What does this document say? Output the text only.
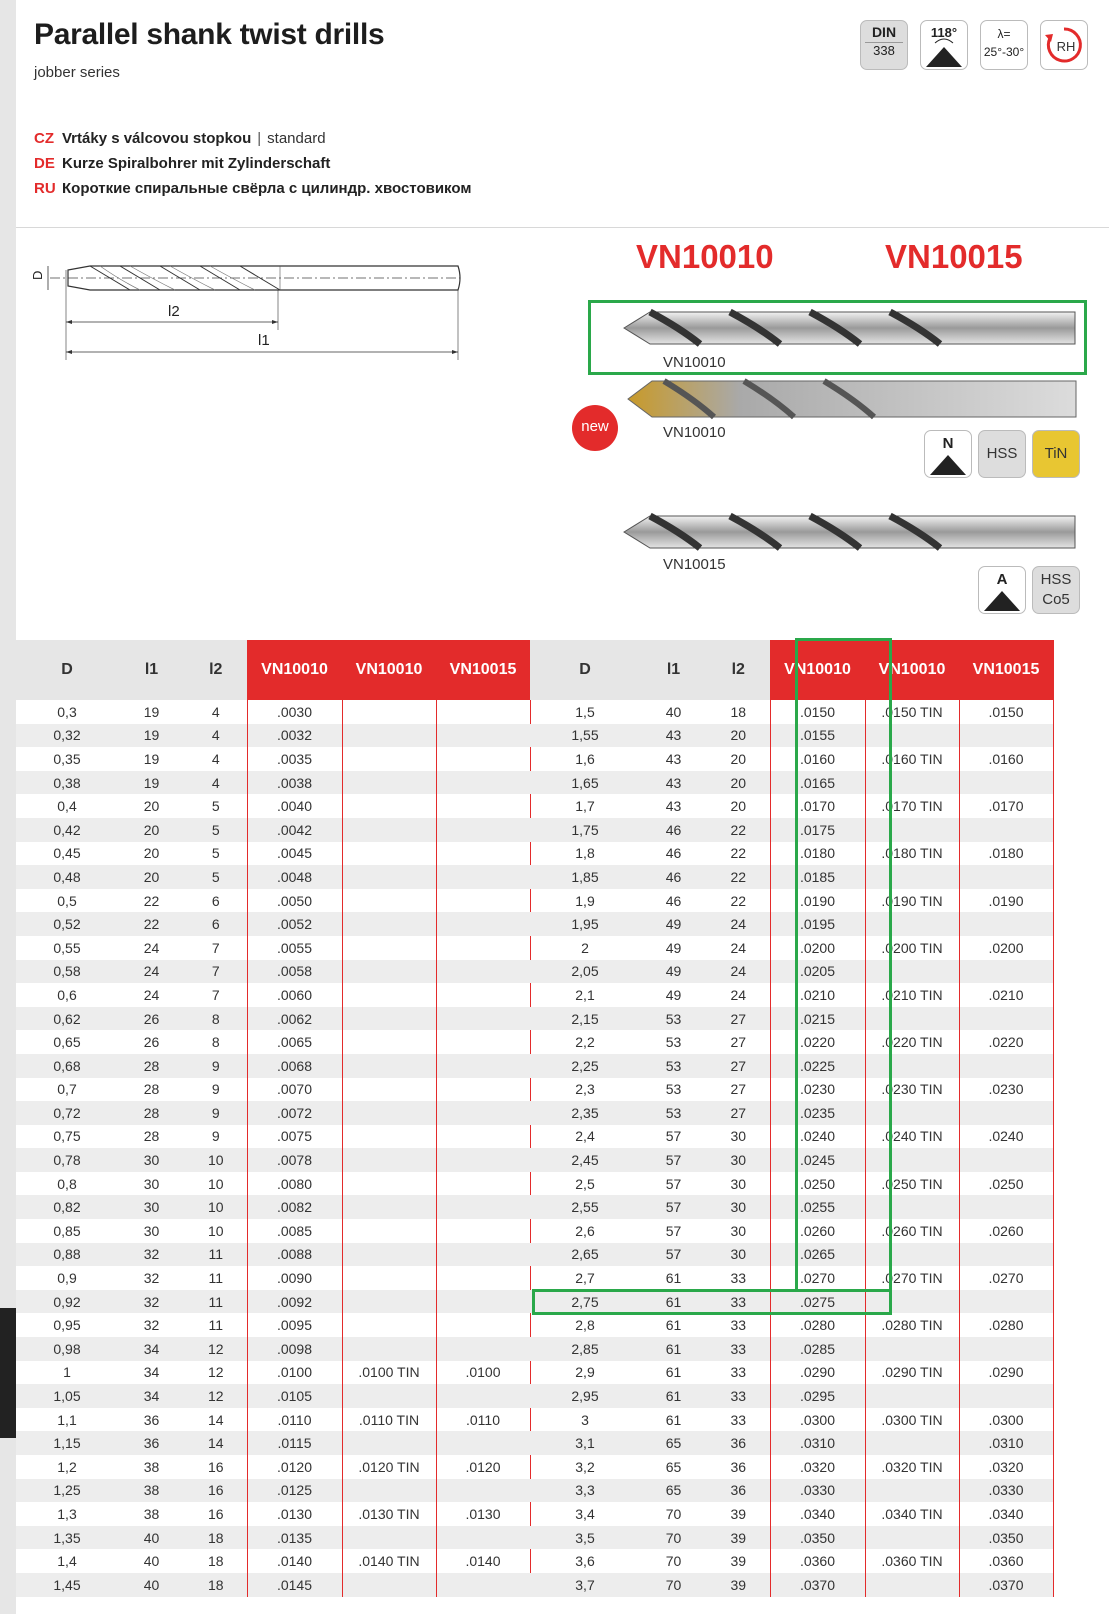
Parallel shank twist drills
jobber series
CZ Vrtáky s válcovou stopkou | standard
DE Kurze Spiralbohrer mit Zylinderschaft
RU Короткие спиральные свёрла с цилиндр. хвостовиком
DIN
338
118°	λ=
25°-30° RH
D
l2
l1
VN10010	VN10015
VN10010
VN10010
new
N
HSS	TiN
VN10015
A	HSS
Co5
D	l1	l2	VN10010	VN10010	VN10015
0,3	19	4	.0030		
0,32	19	4	.0032		
0,35	19	4	.0035		
0,38	19	4	.0038		
0,4	20	5	.0040		
0,42	20	5	.0042		
0,45	20	5	.0045		
0,48	20	5	.0048		
0,5	22	6	.0050		
0,52	22	6	.0052		
0,55	24	7	.0055		
0,58	24	7	.0058		
0,6	24	7	.0060		
0,62	26	8	.0062		
0,65	26	8	.0065		
0,68	28	9	.0068		
0,7	28	9	.0070		
0,72	28	9	.0072		
0,75	28	9	.0075		
0,78	30	10	.0078		
0,8	30	10	.0080		
0,82	30	10	.0082		
0,85	30	10	.0085		
0,88	32	11	.0088		
0,9	32	11	.0090		
0,92	32	11	.0092		
0,95	32	11	.0095		
0,98	34	12	.0098		
1	34	12	.0100	.0100 TIN	.0100
1,05	34	12	.0105		
1,1	36	14	.0110	.0110 TIN	.0110
1,15	36	14	.0115		
1,2	38	16	.0120	.0120 TIN	.0120
1,25	38	16	.0125		
1,3	38	16	.0130	.0130 TIN	.0130
1,35	40	18	.0135		
1,4	40	18	.0140	.0140 TIN	.0140
1,45	40	18	.0145		
D	l1	l2	VN10010	VN10010	VN10015
1,5	40	18	.0150	.0150 TIN	.0150
1,55	43	20	.0155		
1,6	43	20	.0160	.0160 TIN	.0160
1,65	43	20	.0165		
1,7	43	20	.0170	.0170 TIN	.0170
1,75	46	22	.0175		
1,8	46	22	.0180	.0180 TIN	.0180
1,85	46	22	.0185		
1,9	46	22	.0190	.0190 TIN	.0190
1,95	49	24	.0195		
2	49	24	.0200	.0200 TIN	.0200
2,05	49	24	.0205		
2,1	49	24	.0210	.0210 TIN	.0210
2,15	53	27	.0215		
2,2	53	27	.0220	.0220 TIN	.0220
2,25	53	27	.0225		
2,3	53	27	.0230	.0230 TIN	.0230
2,35	53	27	.0235		
2,4	57	30	.0240	.0240 TIN	.0240
2,45	57	30	.0245		
2,5	57	30	.0250	.0250 TIN	.0250
2,55	57	30	.0255		
2,6	57	30	.0260	.0260 TIN	.0260
2,65	57	30	.0265		
2,7	61	33	.0270	.0270 TIN	.0270
2,75	61	33	.0275		
2,8	61	33	.0280	.0280 TIN	.0280
2,85	61	33	.0285		
2,9	61	33	.0290	.0290 TIN	.0290
2,95	61	33	.0295		
3	61	33	.0300	.0300 TIN	.0300
3,1	65	36	.0310		.0310
3,2	65	36	.0320	.0320 TIN	.0320
3,3	65	36	.0330		.0330
3,4	70	39	.0340	.0340 TIN	.0340
3,5	70	39	.0350		.0350
3,6	70	39	.0360	.0360 TIN	.0360
3,7	70	39	.0370		.0370
